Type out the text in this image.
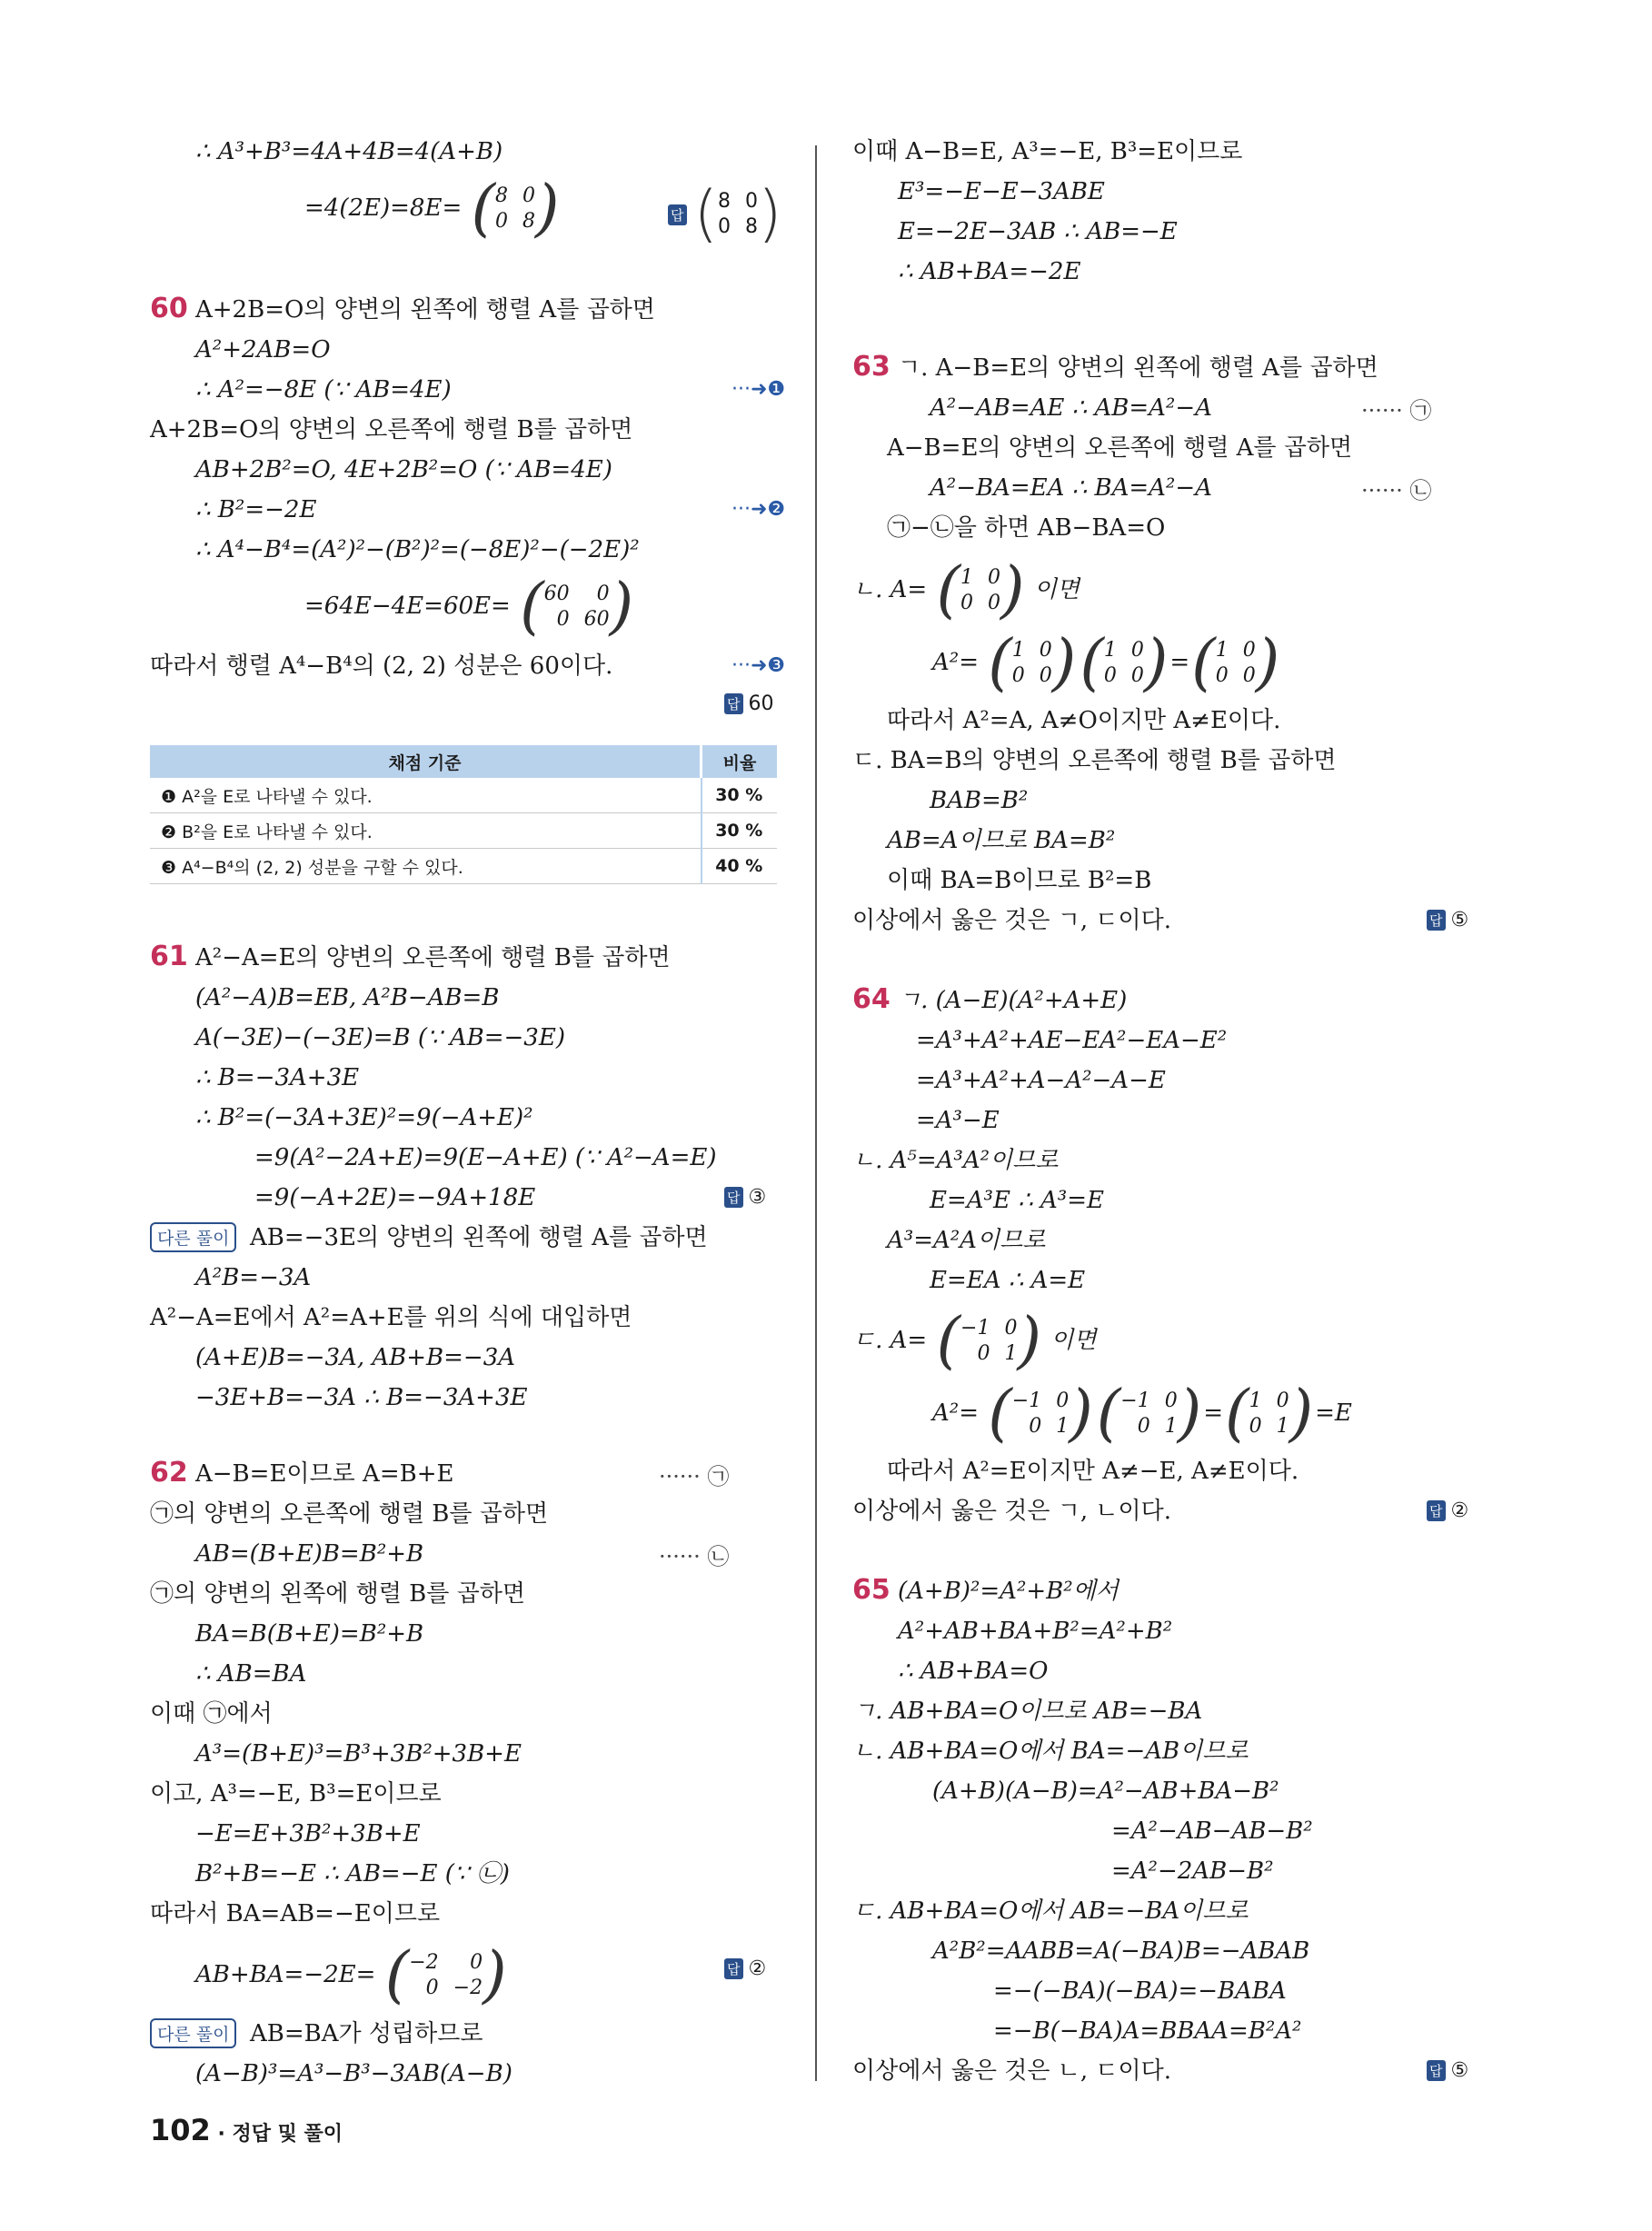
∴ A³+B³=4A+4B=4(A+B)
=4(2E)=8E= ( 8 0
0 8 )	답 ( 8 0
0 8 )
60 A+2B=O의 양변의 왼쪽에 행렬 A를 곱하면
A²+2AB=O
∴ A²=−8E (∵ AB=4E)	···➜❶
A+2B=O의 양변의 오른쪽에 행렬 B를 곱하면
AB+2B²=O, 4E+2B²=O (∵ AB=4E)
∴ B²=−2E	···➜❷
∴ A⁴−B⁴=(A²)²−(B²)²=(−8E)²−(−2E)²
=64E−4E=60E= ( 60	0
0 60 )
따라서 행렬 A⁴−B⁴의 (2, 2) 성분은 60이다.	···➜❸
답 60
채점 기준	비율
❶ A²을 E로 나타낼 수 있다.	30 %
❷ B²을 E로 나타낼 수 있다.	30 %
❸ A⁴−B⁴의 (2, 2) 성분을 구할 수 있다.	40 %
61 A²−A=E의 양변의 오른쪽에 행렬 B를 곱하면
(A²−A)B=EB, A²B−AB=B
A(−3E)−(−3E)=B (∵ AB=−3E)
∴ B=−3A+3E
∴ B²=(−3A+3E)²=9(−A+E)²
=9(A²−2A+E)=9(E−A+E) (∵ A²−A=E)
=9(−A+2E)=−9A+18E	답 ③
다른 풀이 AB=−3E의 양변의 왼쪽에 행렬 A를 곱하면
A²B=−3A
A²−A=E에서 A²=A+E를 위의 식에 대입하면
(A+E)B=−3A, AB+B=−3A
−3E+B=−3A ∴ B=−3A+3E
62 A−B=E이므로 A=B+E	······ ㉠
㉠의 양변의 오른쪽에 행렬 B를 곱하면
AB=(B+E)B=B²+B	······ ㉡
㉠의 양변의 왼쪽에 행렬 B를 곱하면
BA=B(B+E)=B²+B
∴ AB=BA
이때 ㉠에서
A³=(B+E)³=B³+3B²+3B+E
이고, A³=−E, B³=E이므로
−E=E+3B²+3B+E
B²+B=−E ∴ AB=−E (∵ ㉡)
따라서 BA=AB=−E이므로
AB+BA=−2E= ( −2	0
0 −2 )	답 ②
다른 풀이 AB=BA가 성립하므로
(A−B)³=A³−B³−3AB(A−B)
이때 A−B=E, A³=−E, B³=E이므로
E³=−E−E−3ABE
E=−2E−3AB ∴ AB=−E
∴ AB+BA=−2E
63 ㄱ. A−B=E의 양변의 왼쪽에 행렬 A를 곱하면
A²−AB=AE ∴ AB=A²−A	······ ㉠
A−B=E의 양변의 오른쪽에 행렬 A를 곱하면
A²−BA=EA ∴ BA=A²−A	······ ㉡
㉠−㉡을 하면 AB−BA=O
ㄴ. A= ( 1 0
0 0 ) 이면
A²= ( 1 0
0 0 ) ( 1 0
0 0 ) = ( 1 0
0 0 )
따라서 A²=A, A≠O이지만 A≠E이다.
ㄷ. BA=B의 양변의 오른쪽에 행렬 B를 곱하면
BAB=B²
AB=A이므로 BA=B²
이때 BA=B이므로 B²=B
이상에서 옳은 것은 ㄱ, ㄷ이다.	답 ⑤
64 ㄱ. (A−E)(A²+A+E)
=A³+A²+AE−EA²−EA−E²
=A³+A²+A−A²−A−E
=A³−E
ㄴ. A⁵=A³A²이므로
E=A³E ∴ A³=E
A³=A²A이므로
E=EA ∴ A=E
ㄷ. A= ( −1 0
0 1 ) 이면
A²= ( −1 0
0 1 ) ( −1 0
0 1 ) = ( 1 0
0 1 ) =E
따라서 A²=E이지만 A≠−E, A≠E이다.
이상에서 옳은 것은 ㄱ, ㄴ이다.	답 ②
65 (A+B)²=A²+B²에서
A²+AB+BA+B²=A²+B²
∴ AB+BA=O
ㄱ. AB+BA=O이므로 AB=−BA
ㄴ. AB+BA=O에서 BA=−AB이므로
(A+B)(A−B)=A²−AB+BA−B²
=A²−AB−AB−B²
=A²−2AB−B²
ㄷ. AB+BA=O에서 AB=−BA이므로
A²B²=AABB=A(−BA)B=−ABAB
=−(−BA)(−BA)=−BABA
=−B(−BA)A=BBAA=B²A²
이상에서 옳은 것은 ㄴ, ㄷ이다.	답 ⑤
102 · 정답 및 풀이
